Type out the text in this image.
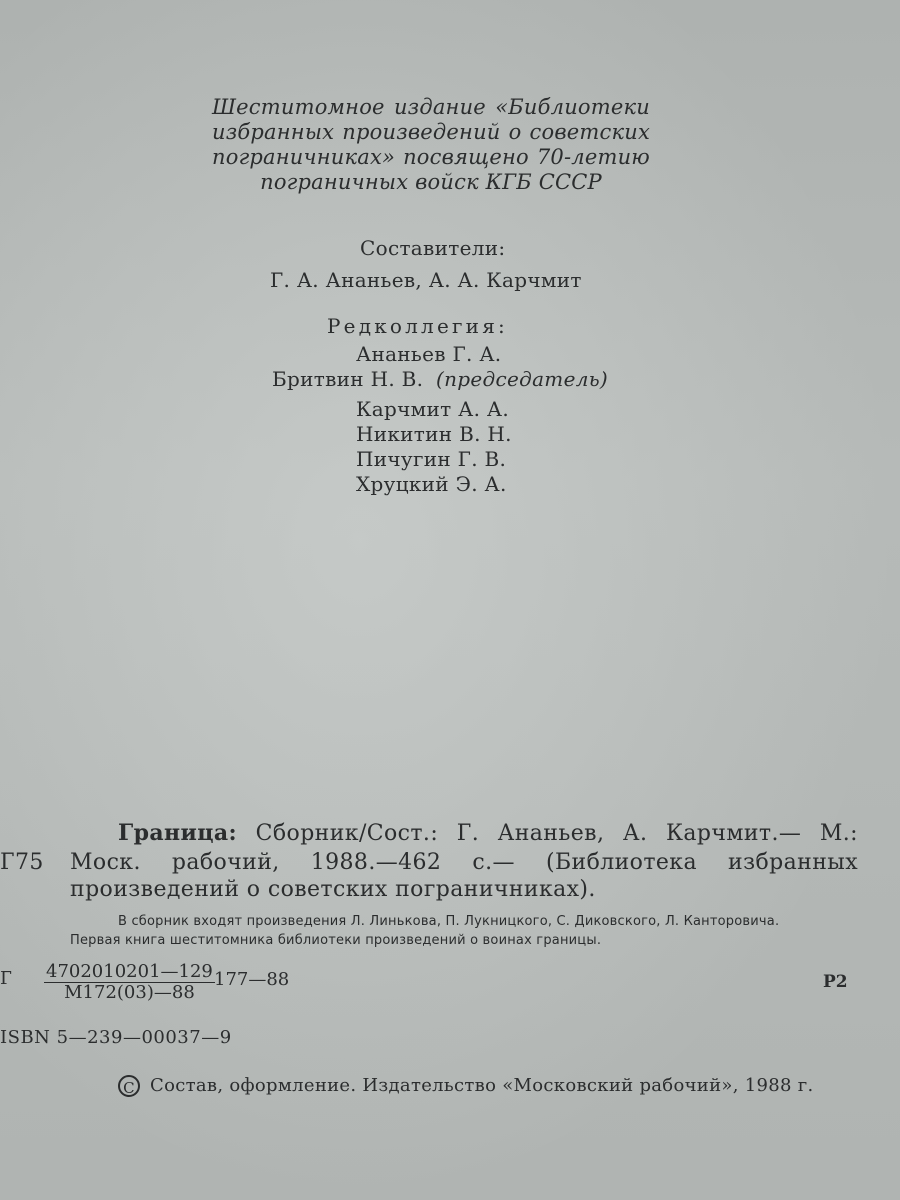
Шеститомное издание «Библиотеки
избранных произведений о советских
пограничниках» посвящено 70-летию
пограничных войск КГБ СССР
Составители:
Г. А. Ананьев, А. А. Карчмит
Редколлегия:
Ананьев Г. А.
Бритвин Н. В. (председатель)
Карчмит А. А.
Никитин В. Н.
Пичугин Г. В.
Хруцкий Э. А.
Граница: Сборник/Сост.: Г. Ананьев, А. Карчмит.— М.:
Г75 Моск. рабочий, 1988.—462 с.— (Библиотека избранных
произведений о советских пограничниках).
В сборник входят произведения Л. Линькова, П. Лукницкого, С. Диковского, Л. Канторовича.
Первая книга шеститомника библиотеки произведений о воинах границы.
Г $\frac{4702010201—129}{М172(03)—88}$ 177—88	Р2
ISBN 5—239—00037—9
C Состав, оформление. Издательство «Московский рабочий», 1988 г.
